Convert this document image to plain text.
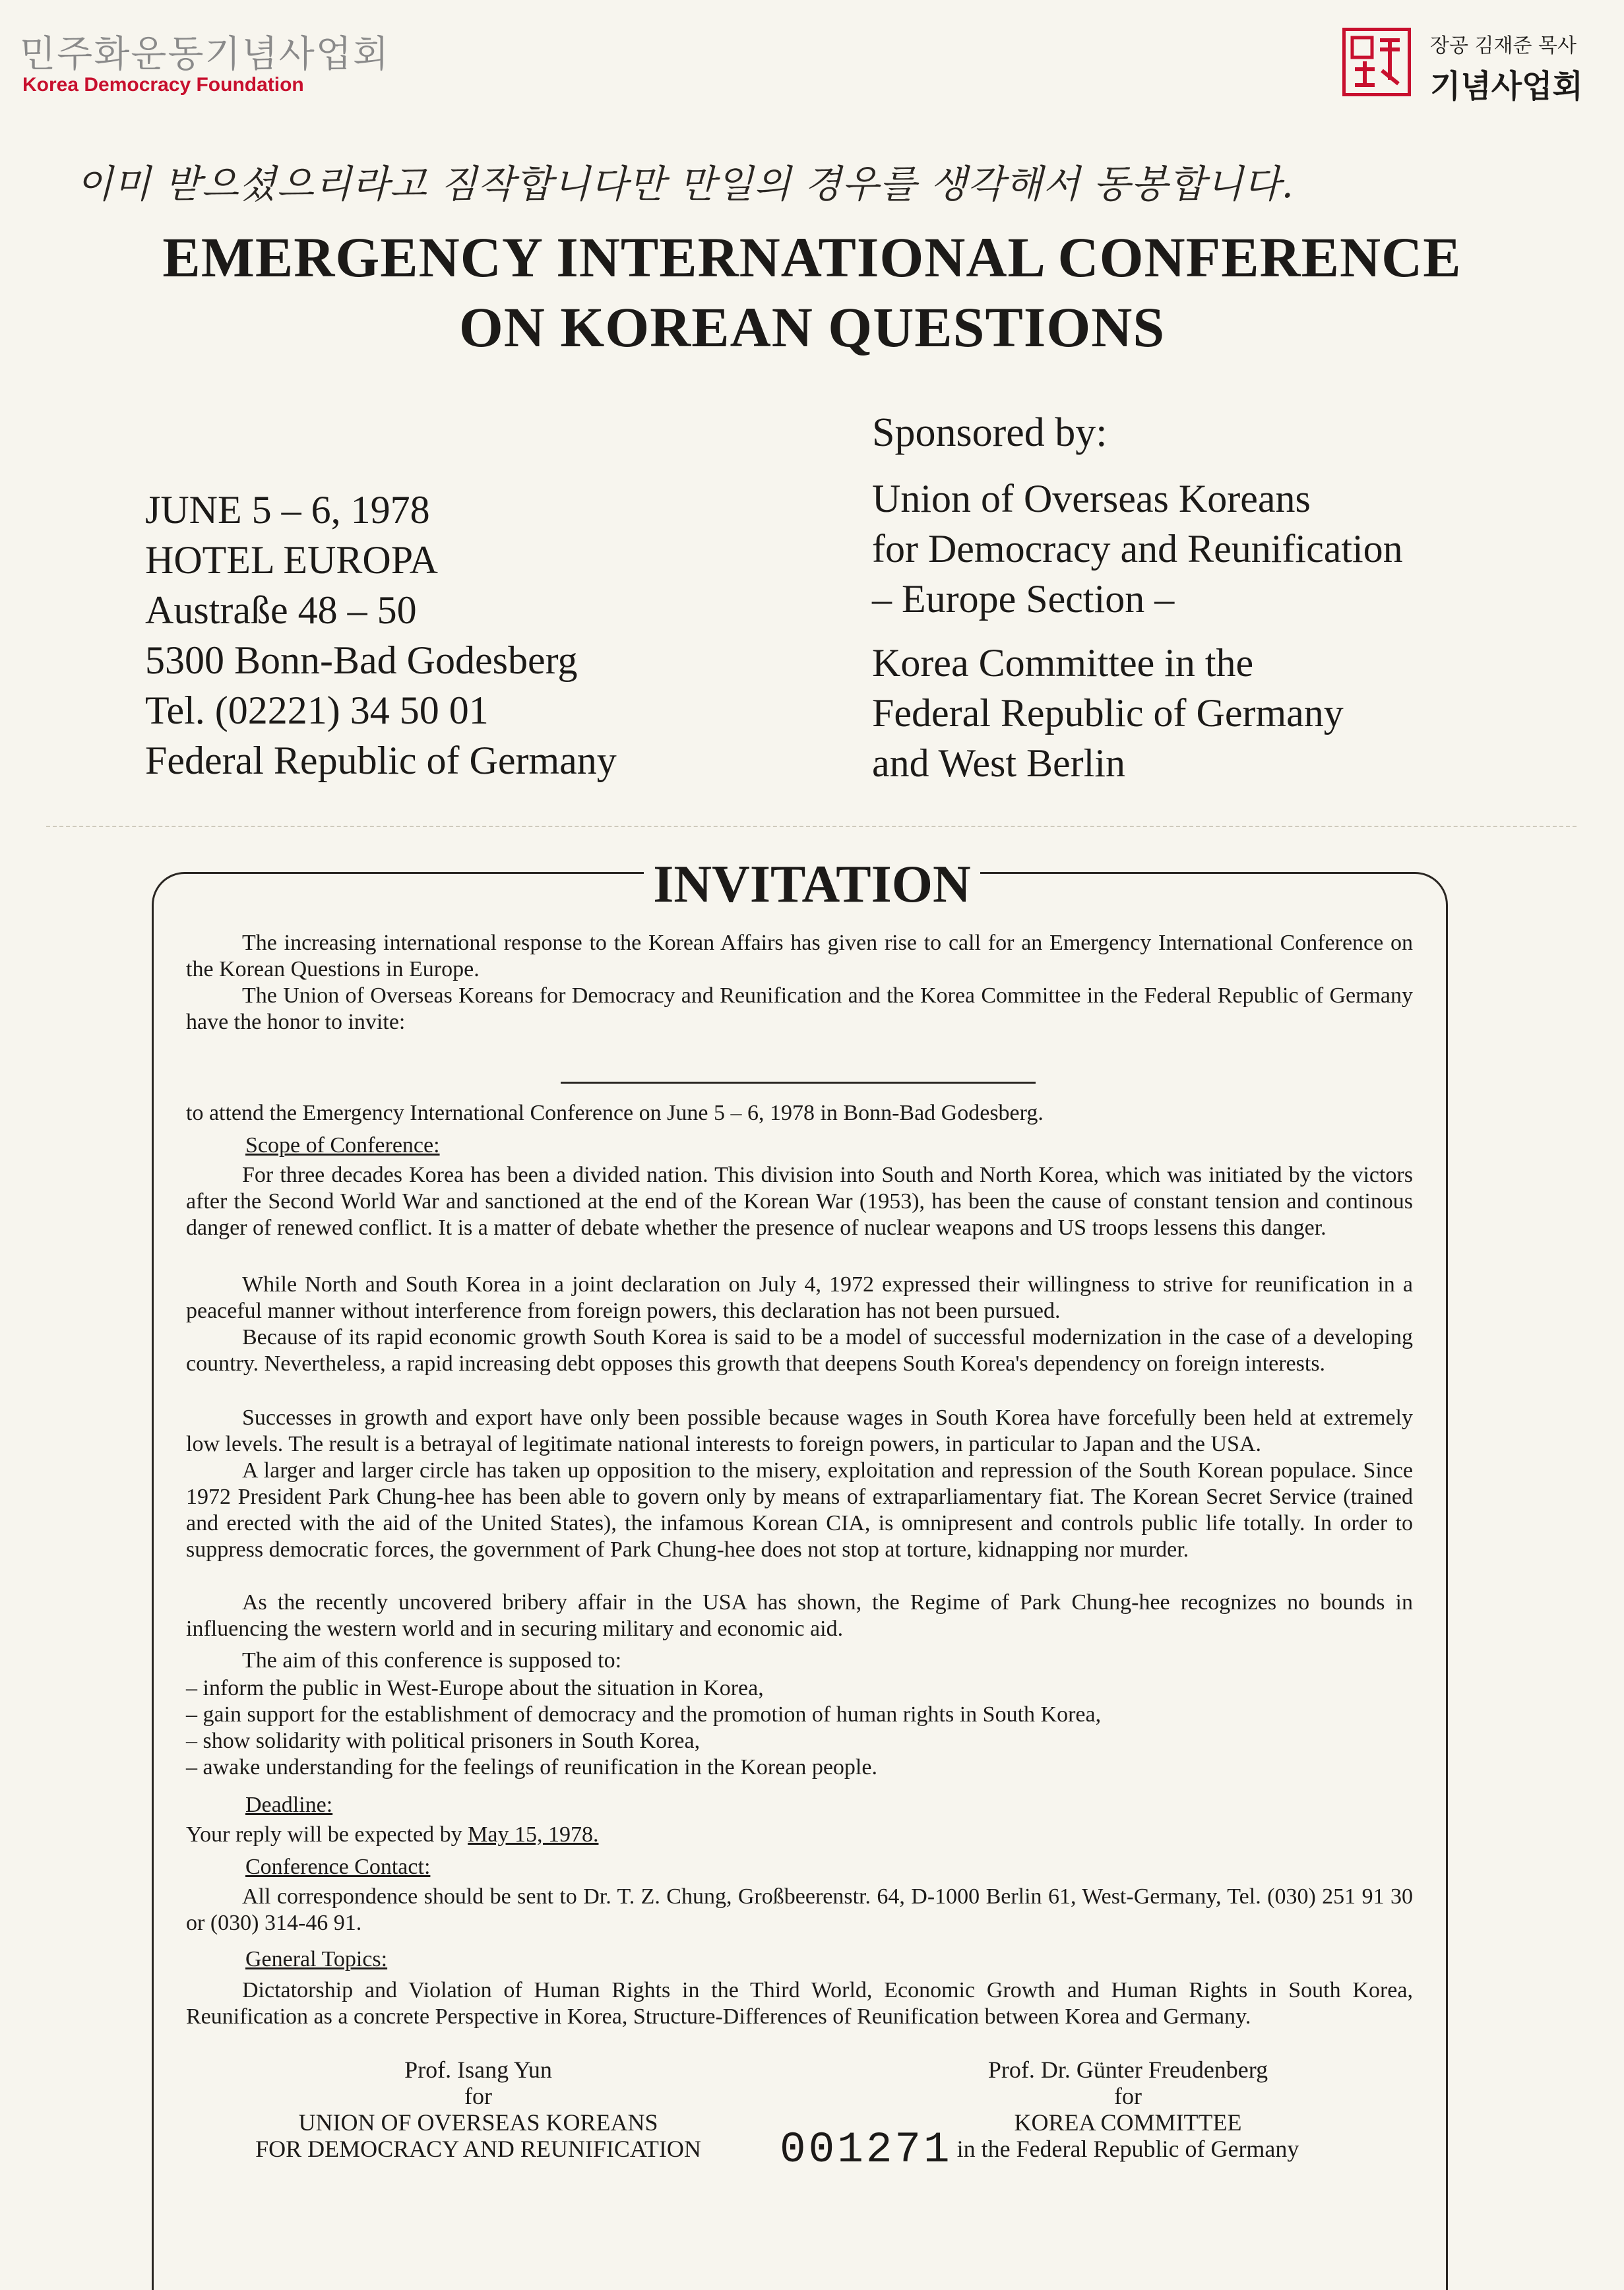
민주화운동기념사업회
Korea Democracy Foundation
장공 김재준 목사
기념사업회
이미 받으셨으리라고 짐작합니다만 만일의 경우를 생각해서 동봉합니다.
EMERGENCY INTERNATIONAL CONFERENCE
ON KOREAN QUESTIONS
JUNE 5 – 6, 1978
HOTEL EUROPA
Austraße 48 – 50
5300 Bonn-Bad Godesberg
Tel. (02221) 34 50 01
Federal Republic of Germany
Sponsored by:
Union of Overseas Koreans
for Democracy and Reunification
– Europe Section –
Korea Committee in the
Federal Republic of Germany
and West Berlin
INVITATION
The increasing international response to the Korean Affairs has given rise to call for an Emergency International Conference on the Korean Questions in Europe.
The Union of Overseas Koreans for Democracy and Reunification and the Korea Committee in the Federal Republic of Germany have the honor to invite:
to attend the Emergency International Conference on June 5 – 6, 1978 in Bonn-Bad Godesberg.
Scope of Conference:
For three decades Korea has been a divided nation. This division into South and North Korea, which was initiated by the victors after the Second World War and sanctioned at the end of the Korean War (1953), has been the cause of constant tension and continous danger of renewed conflict. It is a matter of debate whether the presence of nuclear weapons and US troops lessens this danger.
While North and South Korea in a joint declaration on July 4, 1972 expressed their willingness to strive for reunification in a peaceful manner without interference from foreign powers, this declaration has not been pursued.
Because of its rapid economic growth South Korea is said to be a model of successful modernization in the case of a developing country. Nevertheless, a rapid increasing debt opposes this growth that deepens South Korea's dependency on foreign interests.
Successes in growth and export have only been possible because wages in South Korea have forcefully been held at extremely low levels. The result is a betrayal of legitimate national interests to foreign powers, in particular to Japan and the USA.
A larger and larger circle has taken up opposition to the misery, exploitation and repression of the South Korean populace. Since 1972 President Park Chung-hee has been able to govern only by means of extraparliamentary fiat. The Korean Secret Service (trained and erected with the aid of the United States), the infamous Korean CIA, is omnipresent and controls public life totally. In order to suppress democratic forces, the government of Park Chung-hee does not stop at torture, kidnapping nor murder.
As the recently uncovered bribery affair in the USA has shown, the Regime of Park Chung-hee recognizes no bounds in influencing the western world and in securing military and economic aid.
The aim of this conference is supposed to:
– inform the public in West-Europe about the situation in Korea,
– gain support for the establishment of democracy and the promotion of human rights in South Korea,
– show solidarity with political prisoners in South Korea,
– awake understanding for the feelings of reunification in the Korean people.
Deadline:
Your reply will be expected by May 15, 1978.
Conference Contact:
All correspondence should be sent to Dr. T. Z. Chung, Großbeerenstr. 64, D-1000 Berlin 61, West-Germany, Tel. (030) 251 91 30 or (030) 314-46 91.
General Topics:
Dictatorship and Violation of Human Rights in the Third World, Economic Growth and Human Rights in South Korea, Reunification as a concrete Perspective in Korea, Structure-Differences of Reunification between Korea and Germany.
Prof. Isang Yun
for
UNION OF OVERSEAS KOREANS
FOR DEMOCRACY AND REUNIFICATION
Prof. Dr. Günter Freudenberg
for
KOREA COMMITTEE
in the Federal Republic of Germany
001271
